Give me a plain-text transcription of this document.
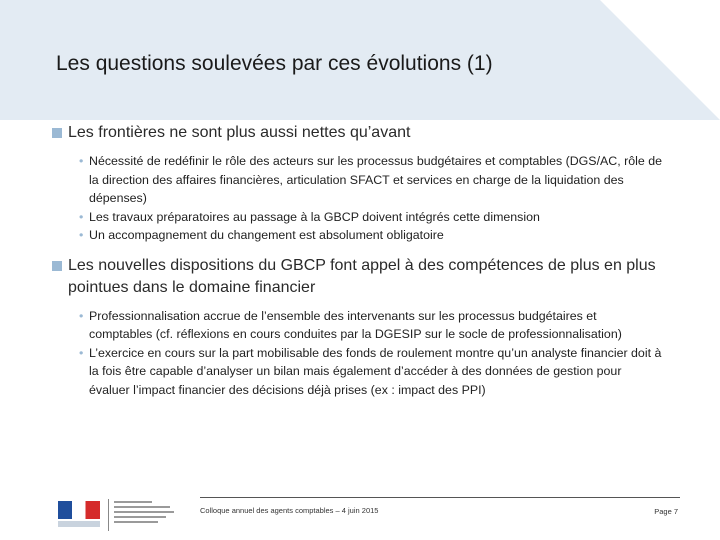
Les questions soulevées par ces évolutions (1)
Les frontières ne sont plus aussi nettes qu’avant
• Nécessité de redéfinir le rôle des acteurs sur les processus budgétaires et comptables (DGS/AC, rôle de la direction des affaires financières, articulation SFACT et services en charge de la liquidation des dépenses)
• Les travaux préparatoires au passage à la GBCP doivent intégrés cette dimension
• Un accompagnement du changement est absolument obligatoire
Les nouvelles dispositions du GBCP font appel à des compétences de plus en plus pointues dans le domaine financier
• Professionnalisation accrue de l’ensemble des intervenants sur les processus budgétaires et comptables (cf. réflexions en cours conduites par la DGESIP sur le socle de professionnalisation)
• L’exercice en cours sur la part mobilisable des fonds de roulement montre qu’un analyste financier doit à la fois être capable d’analyser un bilan mais également d’accéder à des données de gestion pour évaluer l’impact financier des décisions déjà prises (ex : impact des PPI)
Colloque annuel des agents comptables – 4 juin 2015	Page 7
